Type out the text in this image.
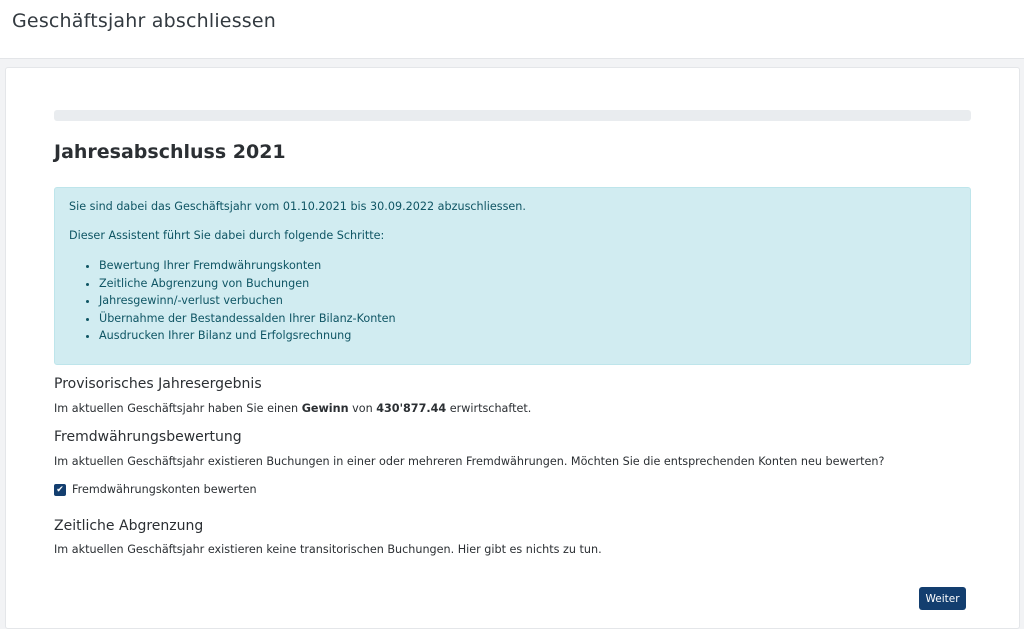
Geschäftsjahr abschliessen
Jahresabschluss 2021
Sie sind dabei das Geschäftsjahr vom 01.10.2021 bis 30.09.2022 abzuschliessen.
Dieser Assistent führt Sie dabei durch folgende Schritte:
• Bewertung Ihrer Fremdwährungskonten
• Zeitliche Abgrenzung von Buchungen
• Jahresgewinn/-verlust verbuchen
• Übernahme der Bestandessalden Ihrer Bilanz-Konten
• Ausdrucken Ihrer Bilanz und Erfolgsrechnung
Provisorisches Jahresergebnis
Im aktuellen Geschäftsjahr haben Sie einen Gewinn von 430'877.44 erwirtschaftet.
Fremdwährungsbewertung
Im aktuellen Geschäftsjahr existieren Buchungen in einer oder mehreren Fremdwährungen. Möchten Sie die entsprechenden Konten neu bewerten?
✔ Fremdwährungskonten bewerten
Zeitliche Abgrenzung
Im aktuellen Geschäftsjahr existieren keine transitorischen Buchungen. Hier gibt es nichts zu tun.
Weiter
